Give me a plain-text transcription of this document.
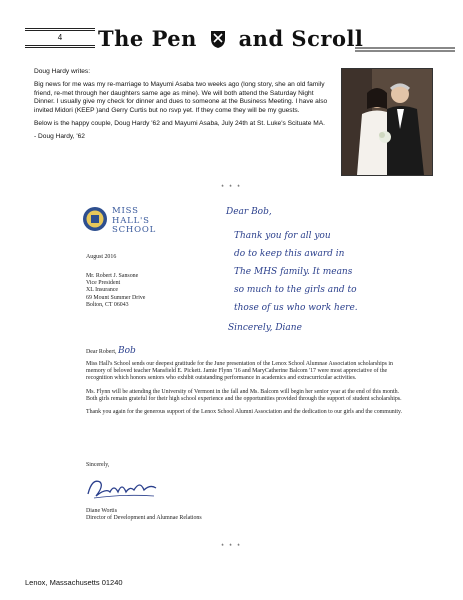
4	The Pen and Scroll

Doug Hardy writes:

Big news for me was my re-marriage to Mayumi Asaba two weeks ago (long story, she an old family friend, re-met through her daughters same age as mine). We will both attend the Saturday Night Dinner. I usually give my check for dinner and dues to someone at the Business Meeting. I have also invited Midori (KEEP )and Gerry Curtis but no rsvp yet. If they come they will be my guests.

Below is the happy couple, Doug Hardy '62 and Mayumi Asaba, July 24th at St. Luke's Scituate MA.

- Doug Hardy, '62

* * *
MISS
HALL'S
SCHOOL
August 2016
Mr. Robert J. Sansone
Vice President
XL Insurance
69 Mount Summer Drive
Bolton, CT 06043
Dear Robert, Bob

Miss Hall's School sends our deepest gratitude for the June presentation of the Lenox School Alumnae Association scholarships in memory of beloved teacher Mansfield E. Pickett. Jamie Flynn '16 and MaryCatherine Balcom '17 were most appreciative of the recognition which honors seniors who exhibit outstanding performance in academics and extracurricular activities.

Ms. Flynn will be attending the University of Vermont in the fall and Ms. Balcom will begin her senior year at the end of this month. Both girls remain grateful for their high school experience and the opportunities provided through the support of student scholarships.

Thank you again for the generous support of the Lenox School Alumni Association and the dedication to our girls and the community.

Sincerely,
Diane Wortis
Director of Development and Alumnae Relations
Dear Bob,
Thank you for all you
do to keep this award in
The MHS family. It means
so much to the girls and to
those of us who work here.
Sincerely, Diane
* * *
Lenox, Massachusetts 01240
